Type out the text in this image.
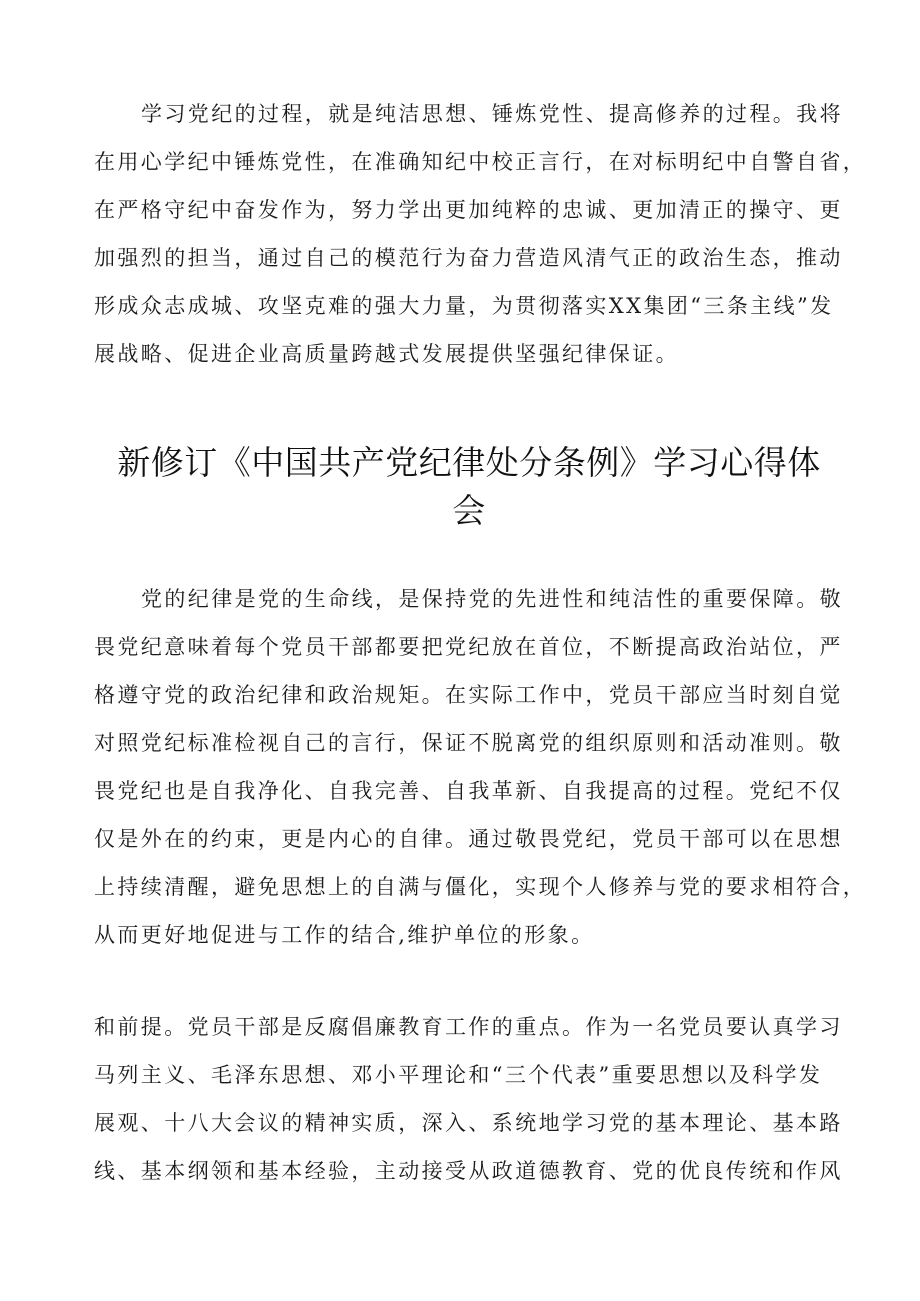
学习党纪的过程，就是纯洁思想、锤炼党性、提高修养的过程。我将
在用心学纪中锤炼党性，在准确知纪中校正言行，在对标明纪中自警自省，
在严格守纪中奋发作为，努力学出更加纯粹的忠诚、更加清正的操守、更
加强烈的担当，通过自己的模范行为奋力营造风清气正的政治生态，推动
形成众志成城、攻坚克难的强大力量，为贯彻落实XX集团“三条主线”发
展战略、促进企业高质量跨越式发展提供坚强纪律保证。
新修订《中国共产党纪律处分条例》学习心得体
会
党的纪律是党的生命线，是保持党的先进性和纯洁性的重要保障。敬
畏党纪意味着每个党员干部都要把党纪放在首位，不断提高政治站位，严
格遵守党的政治纪律和政治规矩。在实际工作中，党员干部应当时刻自觉
对照党纪标准检视自己的言行，保证不脱离党的组织原则和活动准则。敬
畏党纪也是自我净化、自我完善、自我革新、自我提高的过程。党纪不仅
仅是外在的约束，更是内心的自律。通过敬畏党纪，党员干部可以在思想
上持续清醒，避免思想上的自满与僵化，实现个人修养与党的要求相符合，
从而更好地促进与工作的结合,维护单位的形象。
和前提。党员干部是反腐倡廉教育工作的重点。作为一名党员要认真学习
马列主义、毛泽东思想、邓小平理论和“三个代表”重要思想以及科学发
展观、十八大会议的精神实质，深入、系统地学习党的基本理论、基本路
线、基本纲领和基本经验，主动接受从政道德教育、党的优良传统和作风
